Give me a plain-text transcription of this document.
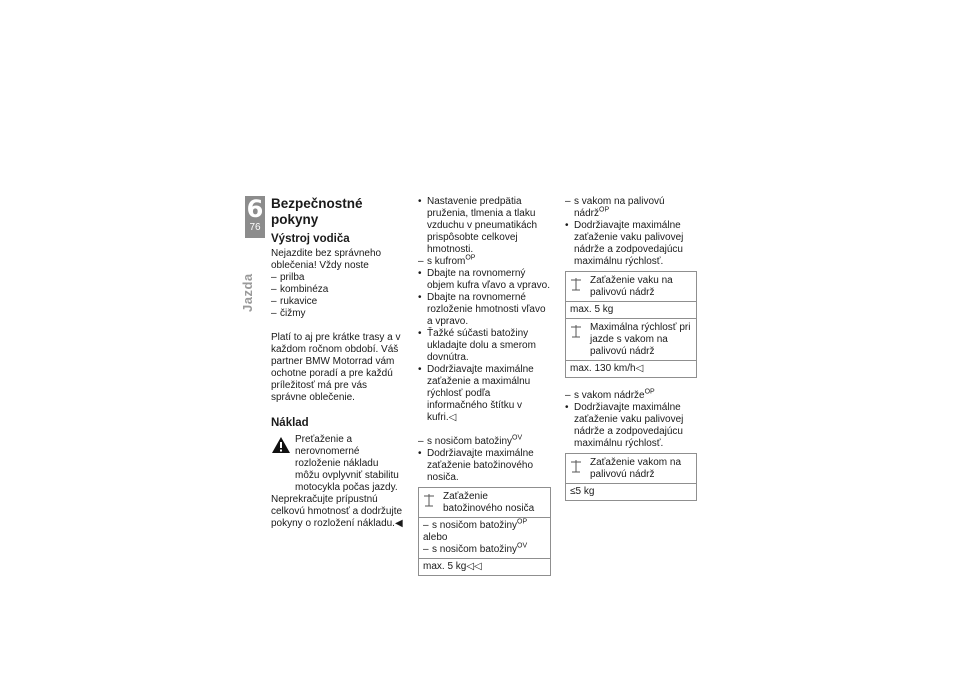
6
76
Jazda

Bezpečnostné pokyny

Výstroj vodiča

Nejazdite bez správneho oblečenia! Vždy noste

– prilba
– kombinéza
– rukavice
– čižmy

Platí to aj pre krátke trasy a v každom ročnom období. Váš partner BMW Motorrad vám ochotne poradí a pre každú príležitosť má pre vás správne oblečenie.

Náklad

Preťaženie a nerovnomerné rozloženie nákladu môžu ovplyvniť stabilitu motocykla počas jazdy.

Neprekračujte prípustnú celkovú hmotnosť a dodržujte pokyny o rozložení nákladu.◀

• Nastavenie predpätia pruženia, tlmenia a tlaku vzduchu v pneumatikách prispôsobte celkovej hmotnosti.
– s kufrom$^{OP}$
• Dbajte na rovnomerný objem kufra vľavo a vpravo.
• Dbajte na rovnomerné rozloženie hmotnosti vľavo a vpravo.
• Ťažké súčasti batožiny ukladajte dolu a smerom dovnútra.
• Dodržiavajte maximálne zaťaženie a maximálnu rýchlosť podľa informačného štítku v kufri.◁
– s nosičom batožiny$^{OV}$
• Dodržiavajte maximálne zaťaženie batožinového nosiča.
Zaťaženie batožinového nosiča
– s nosičom batožiny$^{OP}$
alebo
– s nosičom batožiny$^{OV}$
max. 5 kg◁◁
– s vakom na palivovú nádrž$^{OP}$
• Dodržiavajte maximálne zaťaženie vaku palivovej nádrže a zodpovedajúcu maximálnu rýchlosť.
Zaťaženie vaku na palivovú nádrž
max. 5 kg
Maximálna rýchlosť pri jazde s vakom na palivovú nádrž
max. 130 km/h◁
– s vakom nádrže$^{OP}$
• Dodržiavajte maximálne zaťaženie vaku palivovej nádrže a zodpovedajúcu maximálnu rýchlosť.
Zaťaženie vakom na palivovú nádrž
≤5 kg
